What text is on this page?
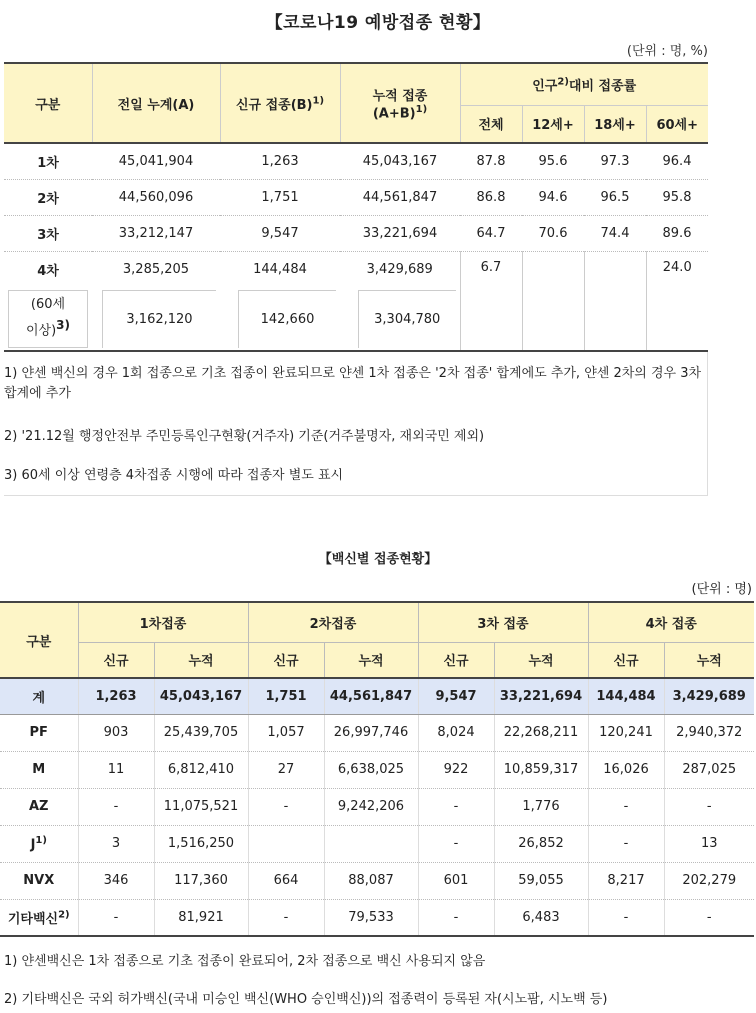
【코로나19 예방접종 현황】
(단위 : 명, %)
구분	전일 누계(A)	신규 접종$(B)^{1)}$	누적 접종
$(A+B)^{1)}$	인구$^{2)}$대비 접종률			
				전체	12세+	18세+	60세+
1차	45,041,904	1,263	45,043,167	87.8	95.6	97.3	96.4
2차	44,560,096	1,751	44,561,847	86.8	94.6	96.5	95.8
3차	33,212,147	9,547	33,221,694	64.7	70.6	74.4	89.6
4차	3,285,205	144,484	3,429,689	6.7			24.0

(60세
이상)$^{3)}$	3,162,120	142,660	3,304,780				

1) 얀센 백신의 경우 1회 접종으로 기초 접종이 완료되므로 얀센 1차 접종은 '2차 접종' 합계에도 추가, 얀센 2차의 경우 3차 합계에 추가

2) '21.12월 행정안전부 주민등록인구현황(거주자) 기준(거주불명자, 재외국민 제외)

3) 60세 이상 연령층 4차접종 시행에 따라 접종자 별도 표시

【백신별 접종현황】
(단위 : 명)
구분	1차접종		2차접종		3차 접종		4차 접종	
	신규	누적	신규	누적	신규	누적	신규	누적
계	1,263	45,043,167	1,751	44,561,847	9,547	33,221,694	144,484	3,429,689
PF	903	25,439,705	1,057	26,997,746	8,024	22,268,211	120,241	2,940,372
M	11	6,812,410	27	6,638,025	922	10,859,317	16,026	287,025
AZ	-	11,075,521	-	9,242,206	-	1,776	-	-
$J^{1)}$	3	1,516,250			-	26,852	-	13
NVX	346	117,360	664	88,087	601	59,055	8,217	202,279
기타백신$^{2)}$	-	81,921	-	79,533	-	6,483	-	-

1) 얀센백신은 1차 접종으로 기초 접종이 완료되어, 2차 접종으로 백신 사용되지 않음

2) 기타백신은 국외 허가백신(국내 미승인 백신(WHO 승인백신))의 접종력이 등록된 자(시노팜, 시노백 등)
